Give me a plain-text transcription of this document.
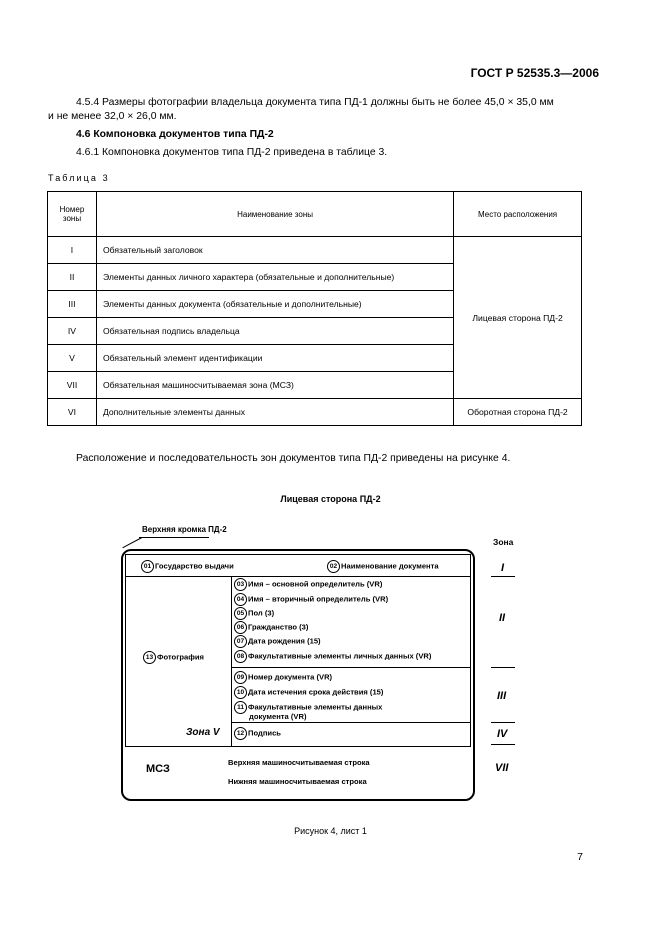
ГОСТ Р 52535.3—2006
4.5.4 Размеры фотографии владельца документа типа ПД-1 должны быть не более 45,0 × 35,0 мм
и не менее 32,0 × 26,0 мм.
4.6 Компоновка документов типа ПД-2
4.6.1 Компоновка документов типа ПД-2 приведена в таблице 3.
Таблица 3
Номер
зоны	Наименование зоны	Место расположения
I	Обязательный заголовок	Лицевая сторона ПД-2
II	Элементы данных личного характера (обязательные и дополнительные)	
III	Элементы данных документа (обязательные и дополнительные)	
IV	Обязательная подпись владельца	
V	Обязательный элемент идентификации	
VII	Обязательная машиносчитываемая зона (МСЗ)	
VI	Дополнительные элементы данных	Оборотная сторона ПД-2
Расположение и последовательность зон документов типа ПД-2 приведены на рисунке 4.
Лицевая сторона ПД-2
Верхняя кромка ПД-2
Зона
01 Государство выдачи	02 Наименование документа
13 Фотография
03 Имя – основной определитель (VR)
04 Имя – вторичный определитель (VR)
05 Пол (3)
06 Гражданство (3)
07 Дата рождения (15)
08 Факультативные элементы личных данных (VR)
09 Номер документа (VR)
10 Дата истечения срока действия (15)
11 Факультативные элементы данных
документа (VR)
12 Подпись
Зона V
МСЗ
Верхняя машиносчитываемая строка
Нижняя машиносчитываемая строка
I
II
III
IV
VII
Рисунок 4, лист 1
7
